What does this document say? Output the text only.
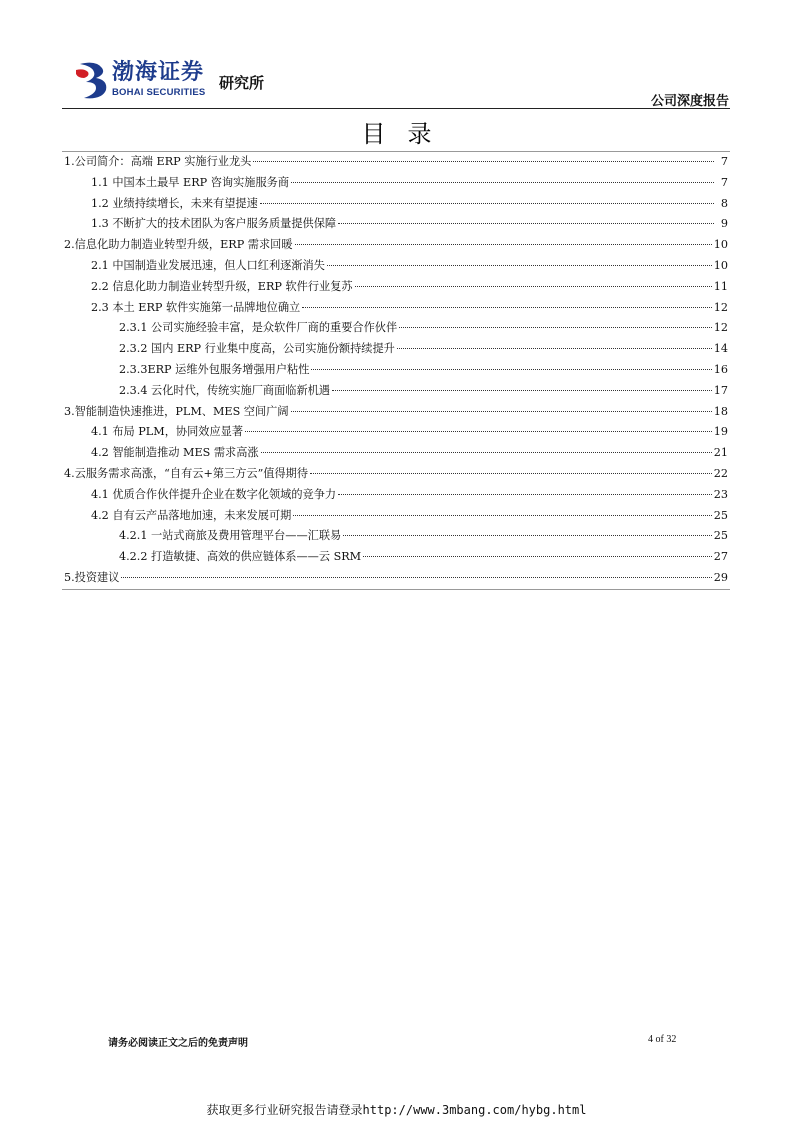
渤海证券
BOHAI SECURITIES
研究所
公司深度报告
目录
1.公司简介：高端 ERP 实施行业龙头	7
1.1 中国本土最早 ERP 咨询实施服务商	7
1.2 业绩持续增长，未来有望提速	8
1.3 不断扩大的技术团队为客户服务质量提供保障	9
2.信息化助力制造业转型升级，ERP 需求回暖	10
2.1 中国制造业发展迅速，但人口红利逐渐消失	10
2.2 信息化助力制造业转型升级，ERP 软件行业复苏	11
2.3 本土 ERP 软件实施第一品牌地位确立	12
2.3.1 公司实施经验丰富，是众软件厂商的重要合作伙伴	12
2.3.2 国内 ERP 行业集中度高，公司实施份额持续提升	14
2.3.3ERP 运维外包服务增强用户粘性	16
2.3.4 云化时代，传统实施厂商面临新机遇	17
3.智能制造快速推进，PLM、MES 空间广阔	18
4.1 布局 PLM，协同效应显著	19
4.2 智能制造推动 MES 需求高涨	21
4.云服务需求高涨，“自有云+第三方云”值得期待	22
4.1 优质合作伙伴提升企业在数字化领域的竞争力	23
4.2 自有云产品落地加速，未来发展可期	25
4.2.1 一站式商旅及费用管理平台——汇联易	25
4.2.2 打造敏捷、高效的供应链体系——云 SRM	27
5.投资建议	29
请务必阅读正文之后的免责声明	4 of 32
获取更多行业研究报告请登录http://www.3mbang.com/hybg.html
